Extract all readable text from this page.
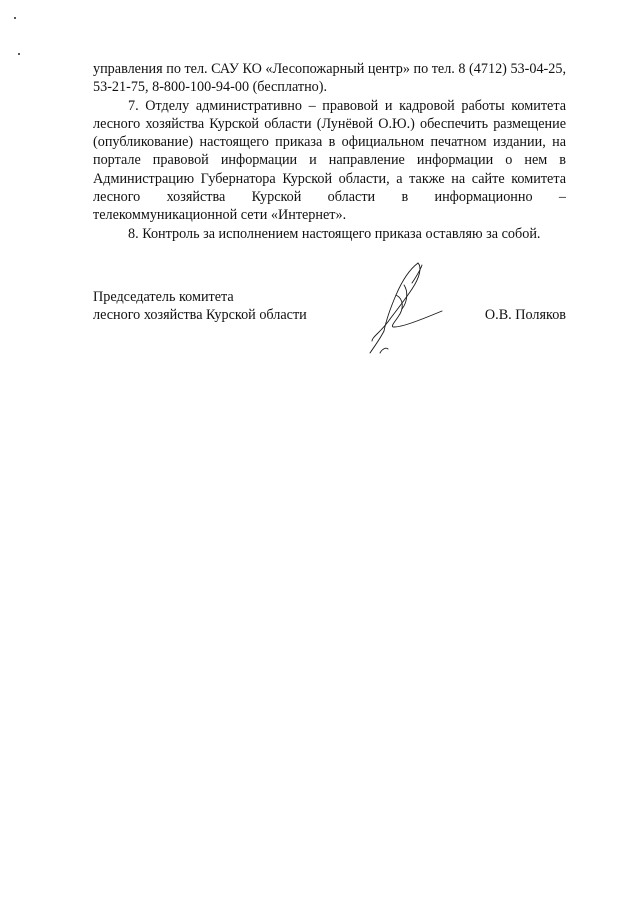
управления по тел. САУ КО «Лесопожарный центр» по тел. 8 (4712) 53-04-25, 53-21-75, 8-800-100-94-00 (бесплатно).

7. Отделу административно – правовой и кадровой работы комитета лесного хозяйства Курской области (Лунёвой О.Ю.) обеспечить размещение (опубликование) настоящего приказа в официальном печатном издании, на портале правовой информации и направление информации о нем в Администрацию Губернатора Курской области, а также на сайте комитета лесного хозяйства Курской области в информационно – телекоммуникационной сети «Интернет».

8. Контроль за исполнением настоящего приказа оставляю за собой.

Председатель комитета
лесного хозяйства Курской области	О.В. Поляков
